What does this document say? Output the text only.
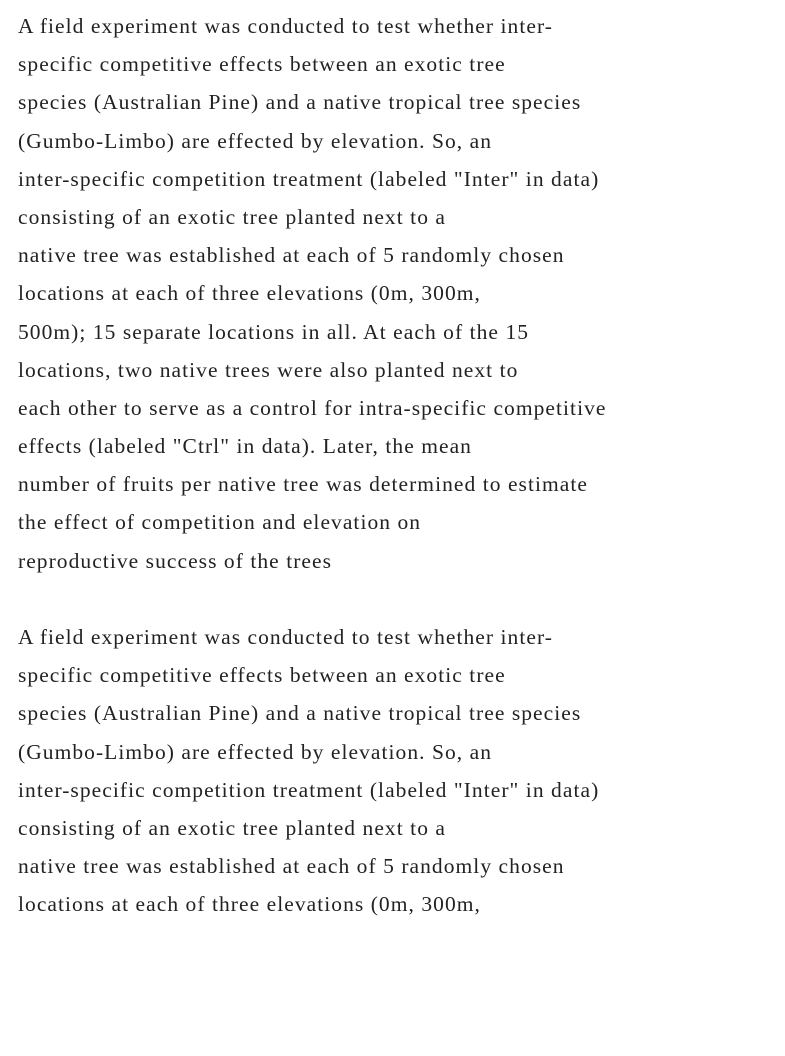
A field experiment was conducted to test whether inter-
specific competitive effects between an exotic tree
species (Australian Pine) and a native tropical tree species
(Gumbo-Limbo) are effected by elevation. So, an
inter-specific competition treatment (labeled "Inter" in data)
consisting of an exotic tree planted next to a
native tree was established at each of 5 randomly chosen
locations at each of three elevations (0m, 300m,
500m); 15 separate locations in all. At each of the 15
locations, two native trees were also planted next to
each other to serve as a control for intra-specific competitive
effects (labeled "Ctrl" in data). Later, the mean
number of fruits per native tree was determined to estimate
the effect of competition and elevation on
reproductive success of the trees

A field experiment was conducted to test whether inter-
specific competitive effects between an exotic tree
species (Australian Pine) and a native tropical tree species
(Gumbo-Limbo) are effected by elevation. So, an
inter-specific competition treatment (labeled "Inter" in data)
consisting of an exotic tree planted next to a
native tree was established at each of 5 randomly chosen
locations at each of three elevations (0m, 300m,
